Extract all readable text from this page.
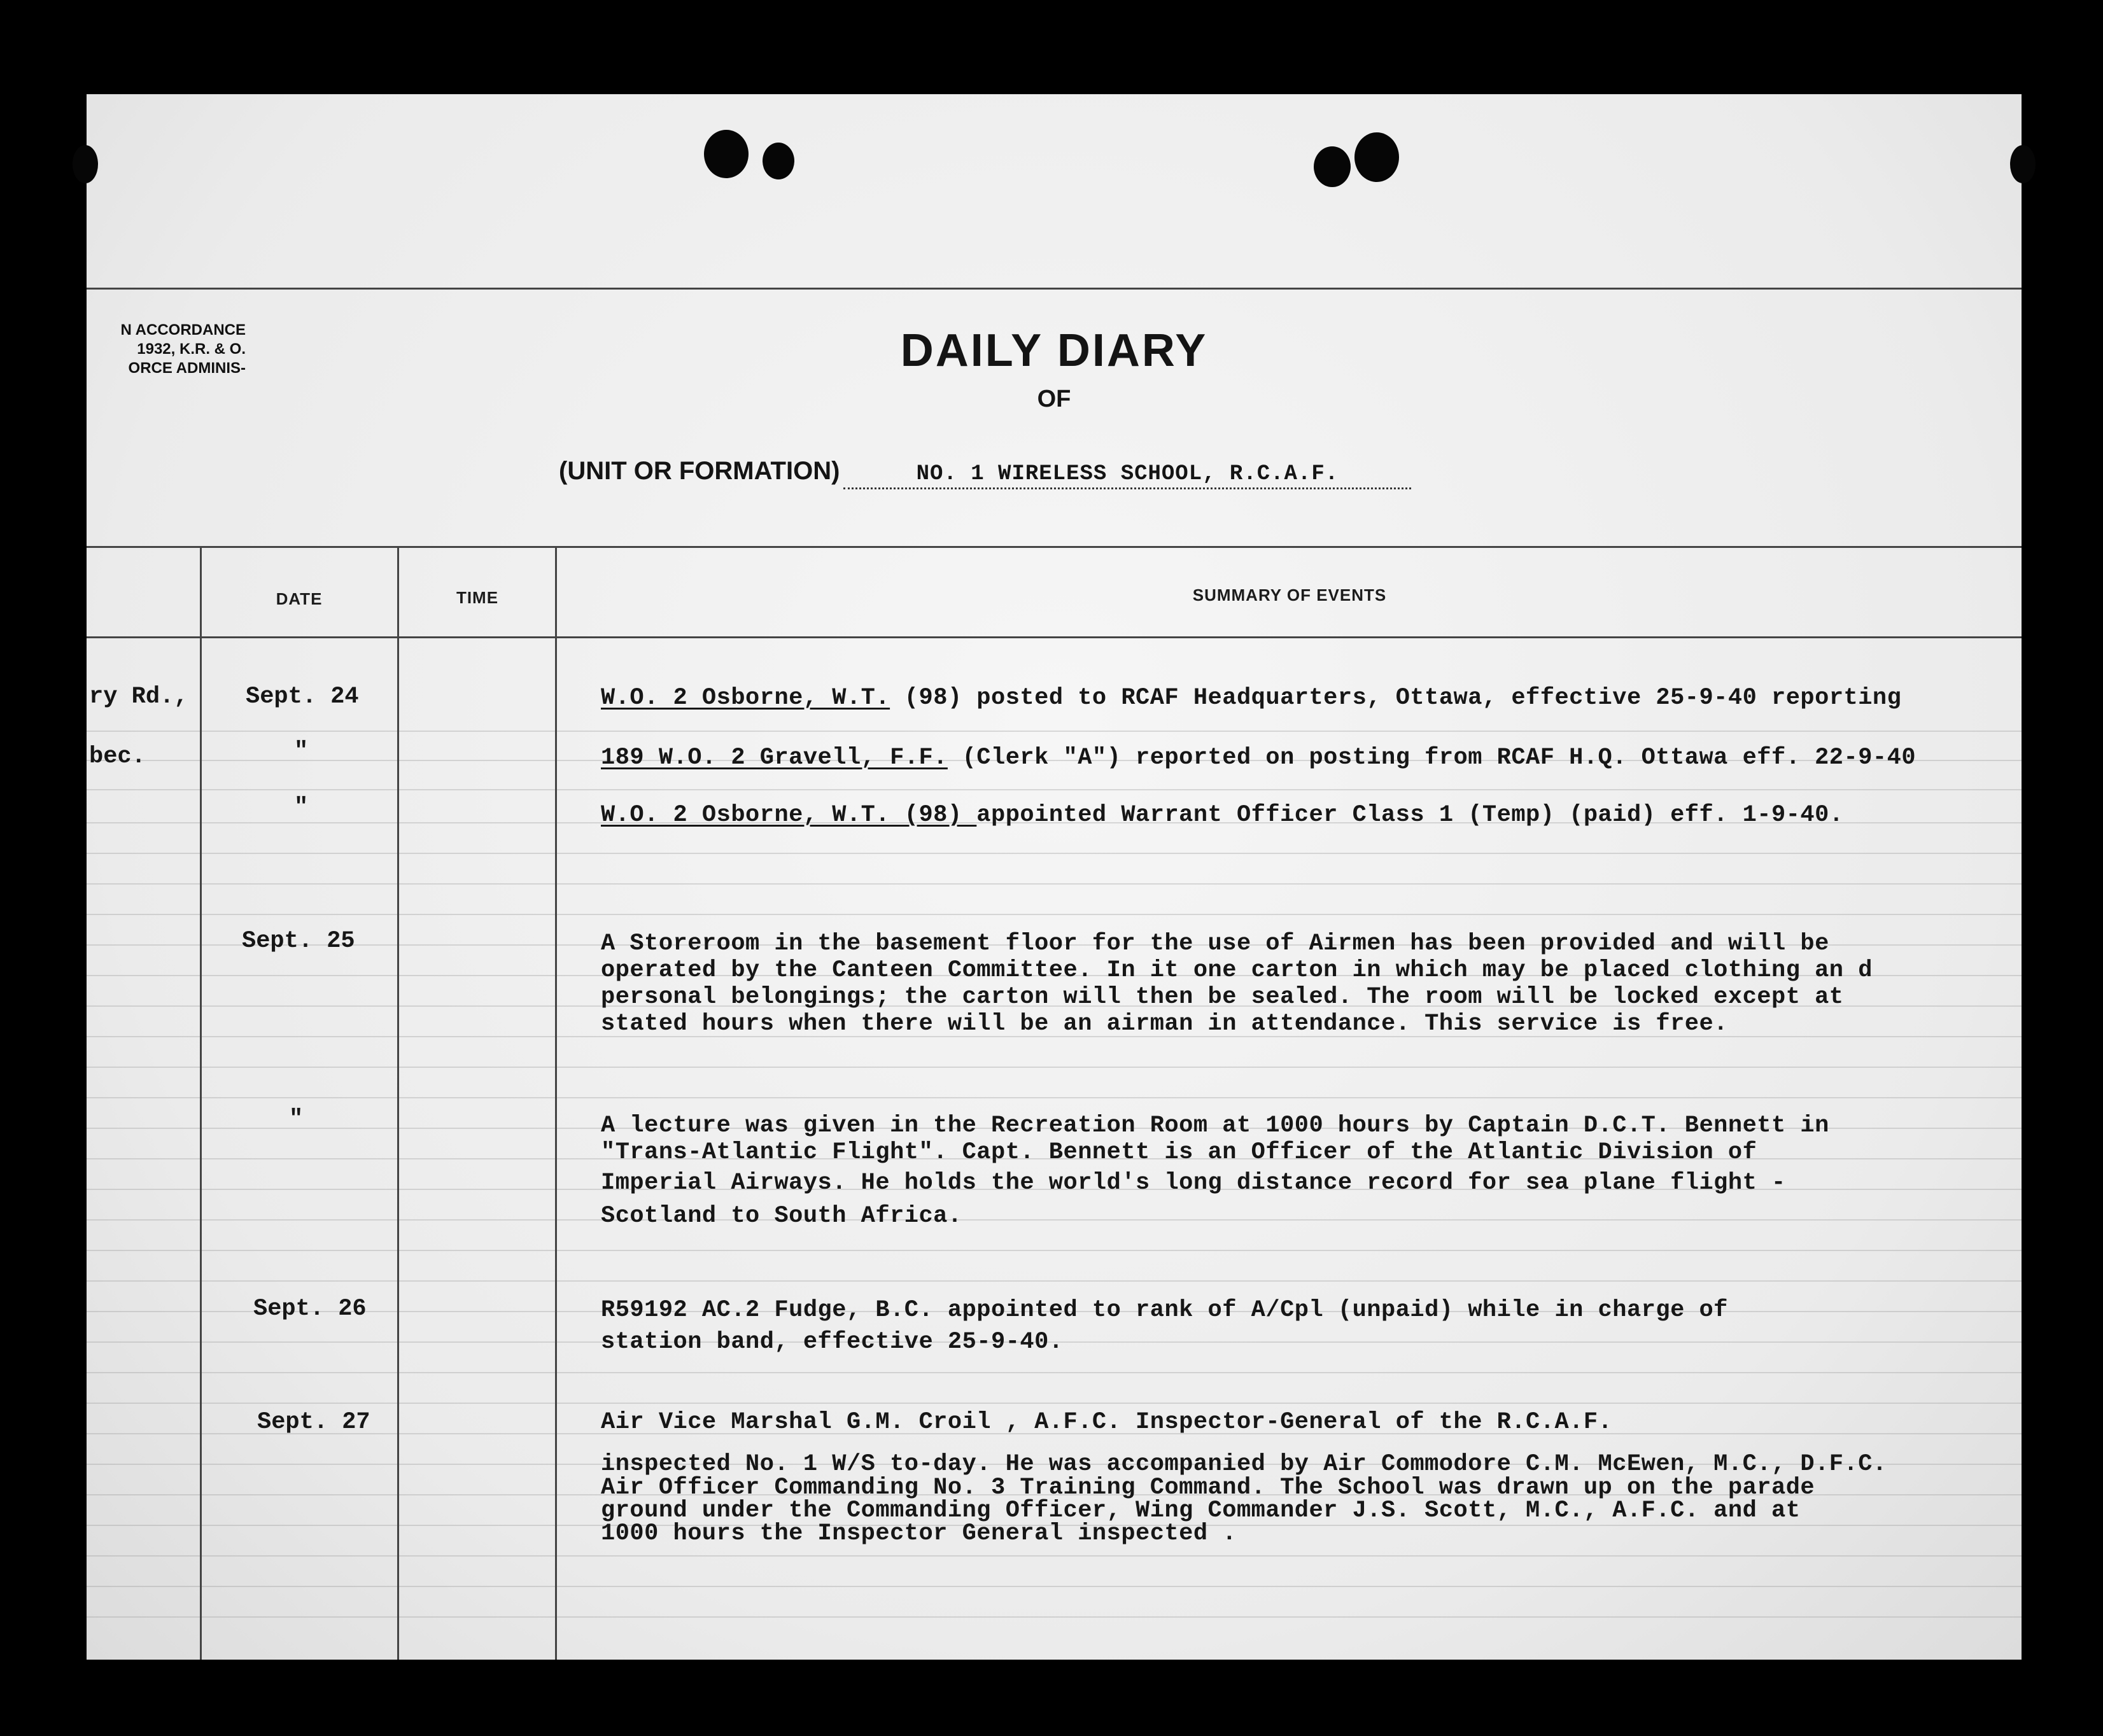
N ACCORDANCE
1932, K.R. & O.
ORCE ADMINIS-	DAILY DIARY
OF
(UNIT OR FORMATION)	NO. 1 WIRELESS SCHOOL, R.C.A.F.
DATE	TIME	SUMMARY OF EVENTS
ry Rd.,
bec.
Sept. 24	W.O. 2 Osborne, W.T. (98) posted to RCAF Headquarters, Ottawa, effective 25-9-40 reporting
"	189 W.O. 2 Gravell, F.F. (Clerk "A") reported on posting from RCAF H.Q. Ottawa eff. 22-9-40
"	W.O. 2 Osborne, W.T. (98) appointed Warrant Officer Class 1 (Temp) (paid) eff. 1-9-40.
Sept. 25	A Storeroom in the basement floor for the use of Airmen has been provided and will be
operated by the Canteen Committee. In it one carton in which may be placed clothing an d
personal belongings; the carton will then be sealed. The room will be locked except at
stated hours when there will be an airman in attendance. This service is free.
"	A lecture was given in the Recreation Room at 1000 hours by Captain D.C.T. Bennett in
"Trans-Atlantic Flight". Capt. Bennett is an Officer of the Atlantic Division of
Imperial Airways. He holds the world's long distance record for sea plane flight -
Scotland to South Africa.
Sept. 26	R59192 AC.2 Fudge, B.C. appointed to rank of A/Cpl (unpaid) while in charge of
station band, effective 25-9-40.
Sept. 27	Air Vice Marshal G.M. Croil , A.F.C. Inspector-General of the R.C.A.F.
inspected No. 1 W/S to-day. He was accompanied by Air Commodore C.M. McEwen, M.C., D.F.C.
Air Officer Commanding No. 3 Training Command. The School was drawn up on the parade
ground under the Commanding Officer, Wing Commander J.S. Scott, M.C., A.F.C. and at
1000 hours the Inspector General inspected .
